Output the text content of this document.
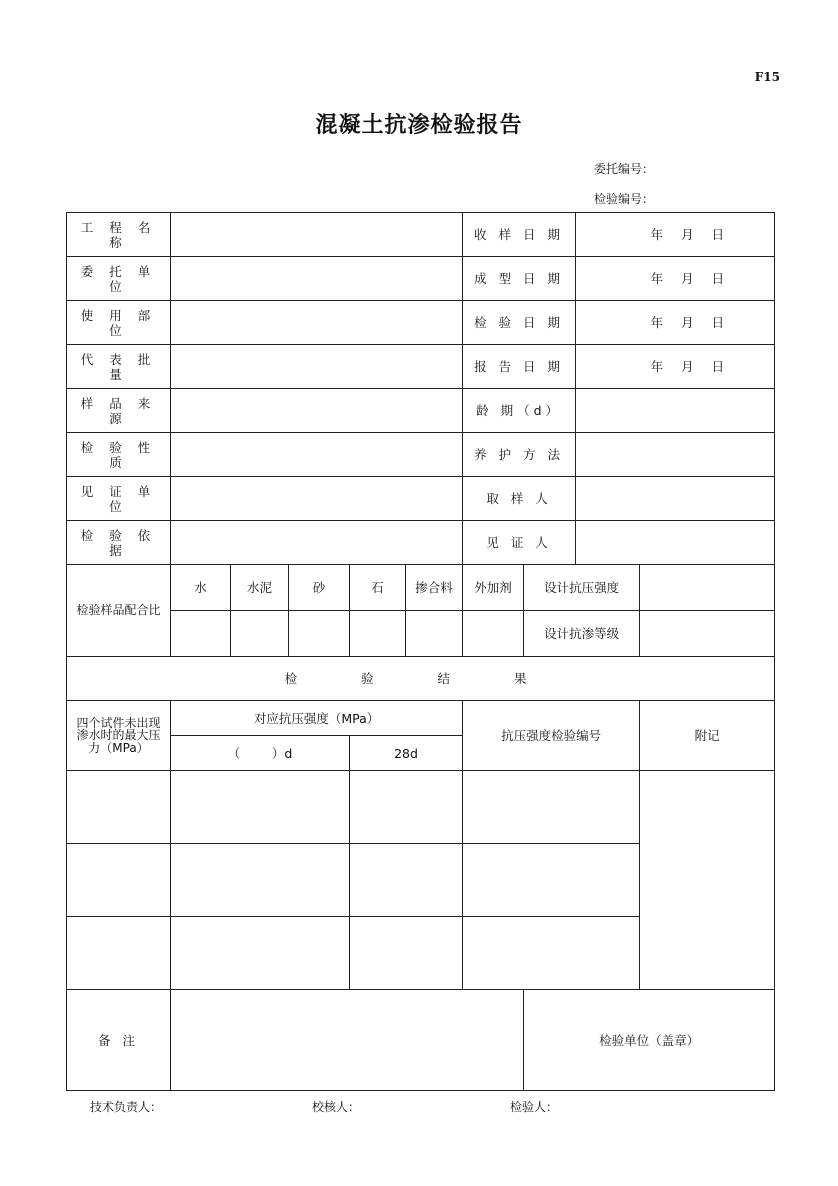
F15
混凝土抗渗检验报告
委托编号：
检验编号：
工 程 名 称						收 样 日 期		年 月 日	
委 托 单 位						成 型 日 期		年 月 日	
使 用 部 位						检 验 日 期		年 月 日	
代 表 批 量						报 告 日 期		年 月 日	
样 品 来 源						龄 期（d）			
检 验 性 质						养 护 方 法			
见 证 单 位						取 样 人			
检 验 依 据						见 证 人			
检验样品配合比	水	水泥	砂	石	掺合料	外加剂	设计抗压强度		
							设计抗渗等级		
检 验 结 果									
四个试件未出现渗水时的最大压力（MPa）	对应抗压强度（MPa）					抗压强度检验编号			附记
	（        ）d			28d					

备 注							检验单位（盖章）		
技术负责人：	校核人：	检验人：
